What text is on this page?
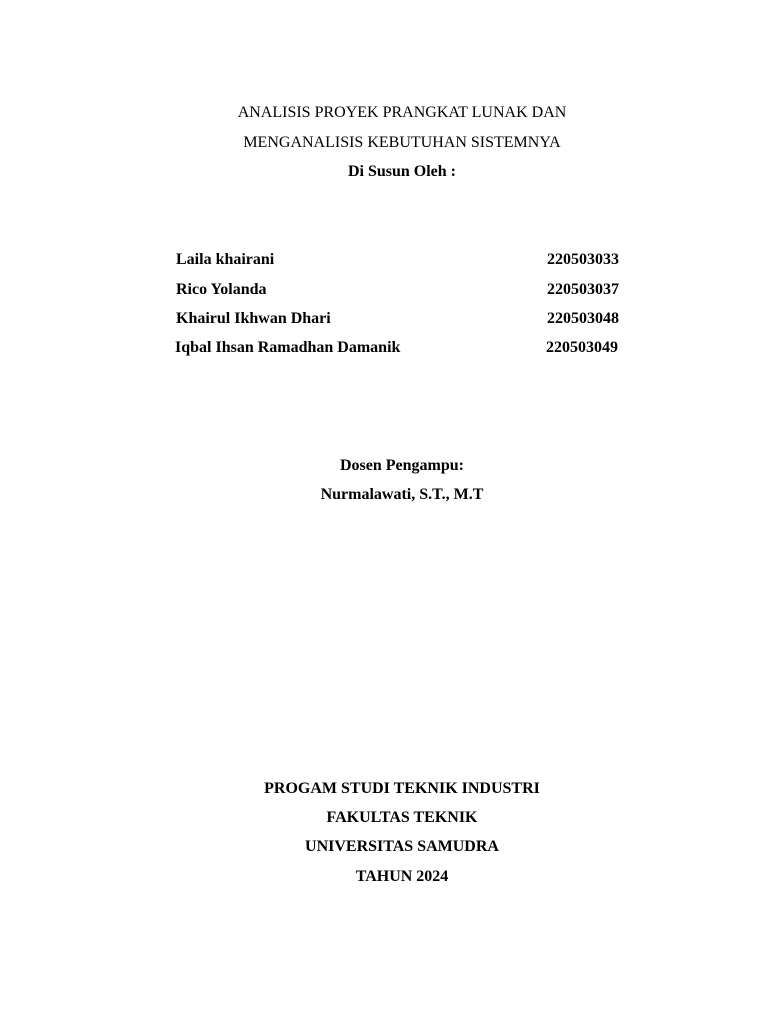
ANALISIS PROYEK PRANGKAT LUNAK DAN
MENGANALISIS KEBUTUHAN SISTEMNYA
Di Susun Oleh :
Laila khairani	220503033
Rico Yolanda	220503037
Khairul Ikhwan Dhari	220503048
Iqbal Ihsan Ramadhan Damanik	220503049
Dosen Pengampu:
Nurmalawati, S.T., M.T
PROGAM STUDI TEKNIK INDUSTRI
FAKULTAS TEKNIK
UNIVERSITAS SAMUDRA
TAHUN 2024
